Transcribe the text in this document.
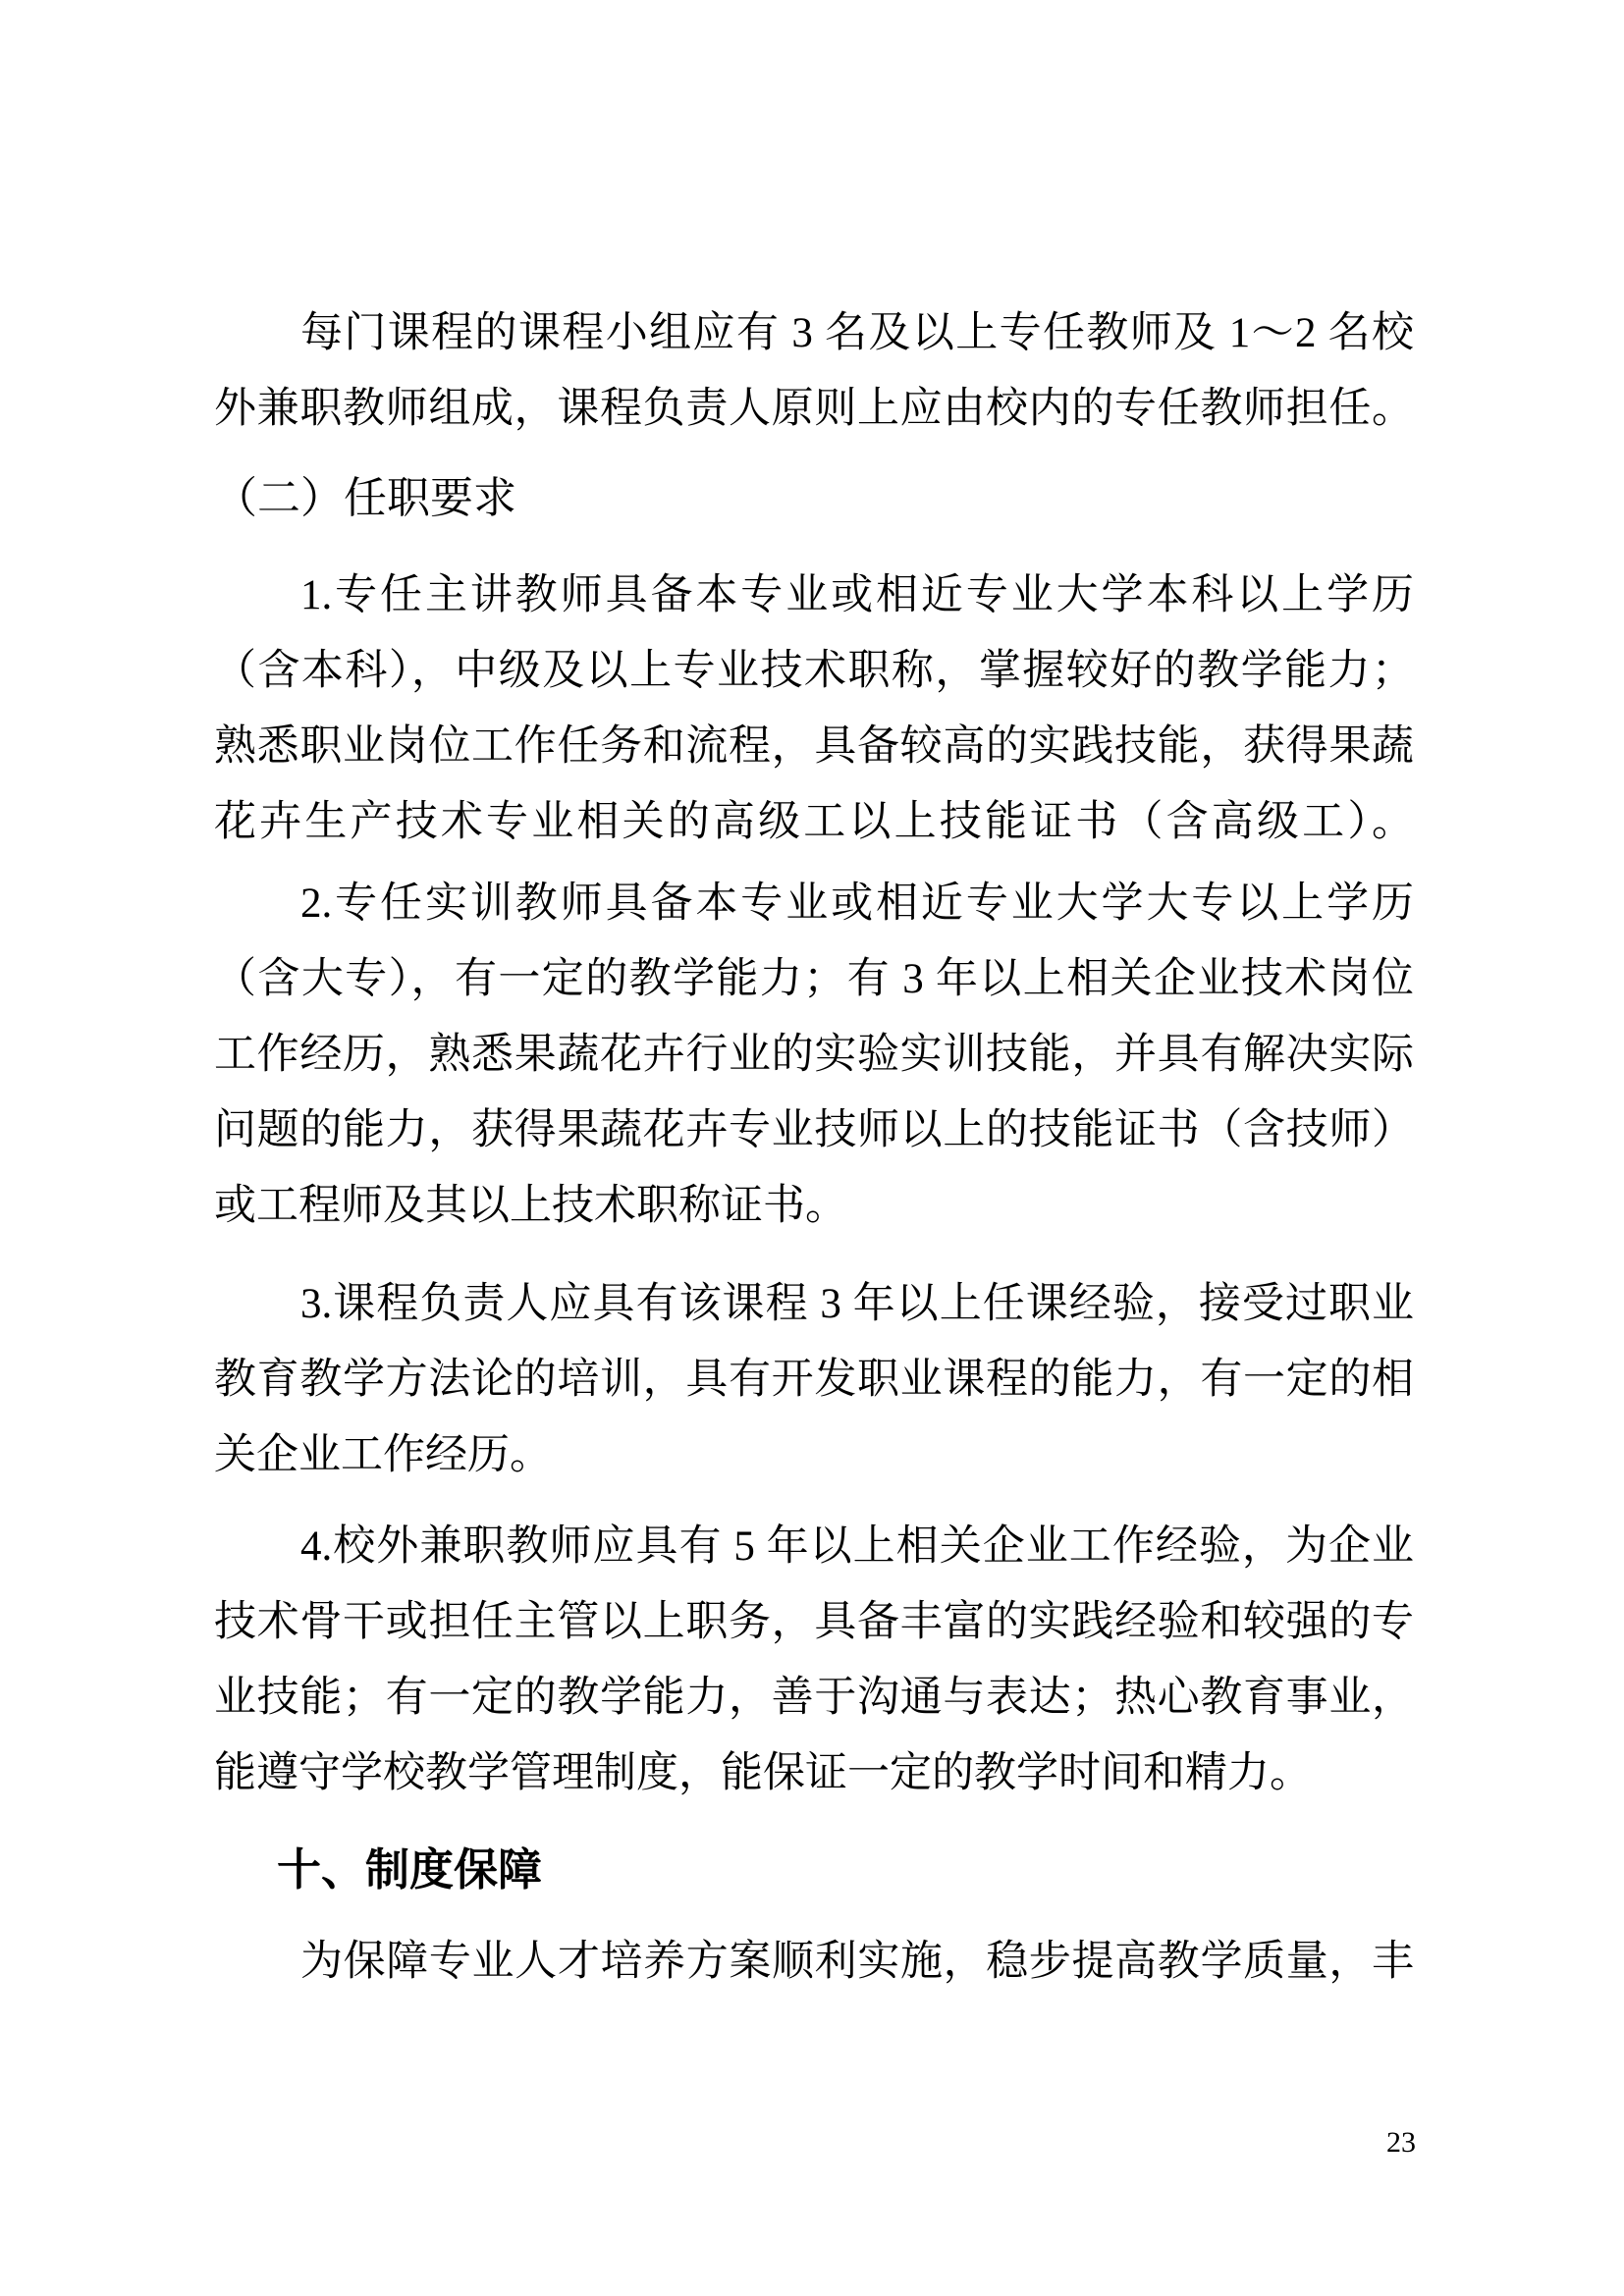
每门课程的课程小组应有 3 名及以上专任教师及 1～2 名校
外兼职教师组成，课程负责人原则上应由校内的专任教师担任。
（二）任职要求
1.专任主讲教师具备本专业或相近专业大学本科以上学历
（含本科），中级及以上专业技术职称，掌握较好的教学能力；
熟悉职业岗位工作任务和流程，具备较高的实践技能，获得果蔬
花卉生产技术专业相关的高级工以上技能证书（含高级工）。
2.专任实训教师具备本专业或相近专业大学大专以上学历
（含大专），有一定的教学能力；有 3 年以上相关企业技术岗位
工作经历，熟悉果蔬花卉行业的实验实训技能，并具有解决实际
问题的能力，获得果蔬花卉专业技师以上的技能证书（含技师）
或工程师及其以上技术职称证书。
3.课程负责人应具有该课程 3 年以上任课经验，接受过职业
教育教学方法论的培训，具有开发职业课程的能力，有一定的相
关企业工作经历。
4.校外兼职教师应具有 5 年以上相关企业工作经验，为企业
技术骨干或担任主管以上职务，具备丰富的实践经验和较强的专
业技能；有一定的教学能力，善于沟通与表达；热心教育事业，
能遵守学校教学管理制度，能保证一定的教学时间和精力。
十、制度保障
为保障专业人才培养方案顺利实施，稳步提高教学质量，丰
23
